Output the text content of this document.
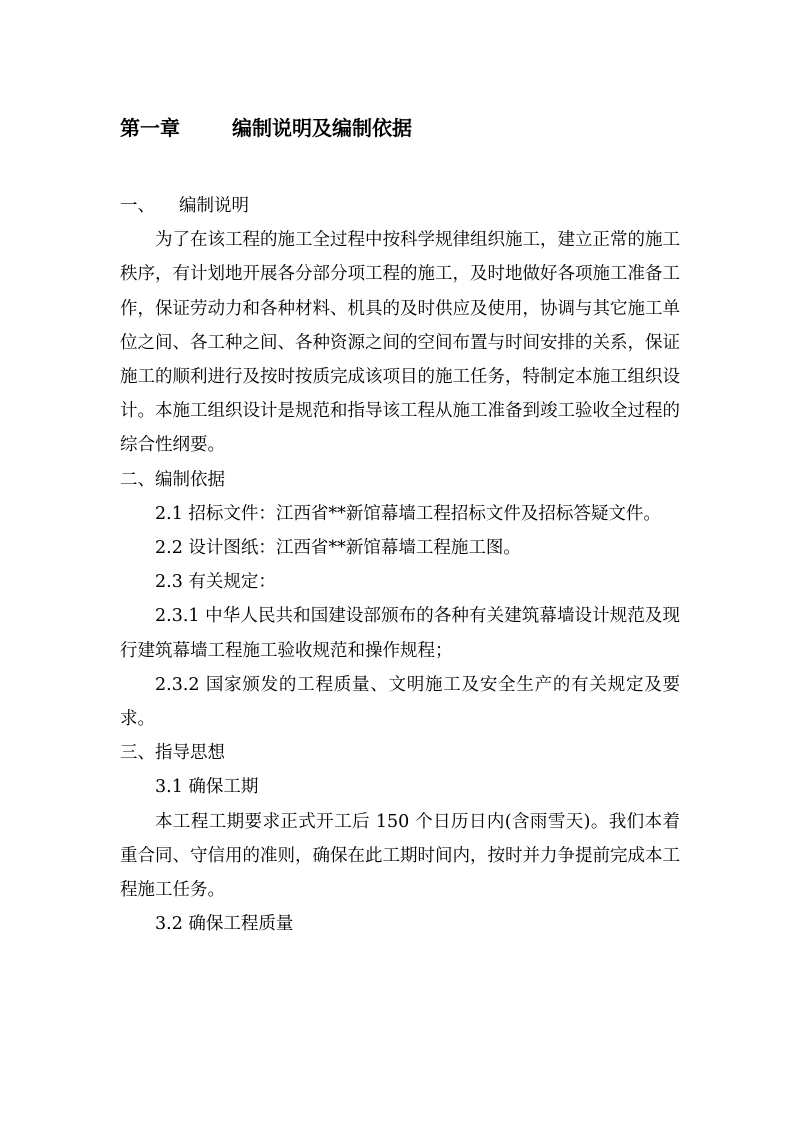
第一章	编制说明及编制依据

一、 编制说明

为了在该工程的施工全过程中按科学规律组织施工，建立正常的施工秩序，有计划地开展各分部分项工程的施工，及时地做好各项施工准备工作，保证劳动力和各种材料、机具的及时供应及使用，协调与其它施工单位之间、各工种之间、各种资源之间的空间布置与时间安排的关系，保证施工的顺利进行及按时按质完成该项目的施工任务，特制定本施工组织设计。本施工组织设计是规范和指导该工程从施工准备到竣工验收全过程的综合性纲要。

二、编制依据

2.1 招标文件：江西省**新馆幕墙工程招标文件及招标答疑文件。

2.2 设计图纸：江西省**新馆幕墙工程施工图。

2.3 有关规定：

2.3.1 中华人民共和国建设部颁布的各种有关建筑幕墙设计规范及现行建筑幕墙工程施工验收规范和操作规程；

2.3.2 国家颁发的工程质量、文明施工及安全生产的有关规定及要求。

三、指导思想

3.1 确保工期

本工程工期要求正式开工后 150 个日历日内(含雨雪天)。我们本着重合同、守信用的准则，确保在此工期时间内，按时并力争提前完成本工程施工任务。

3.2 确保工程质量
